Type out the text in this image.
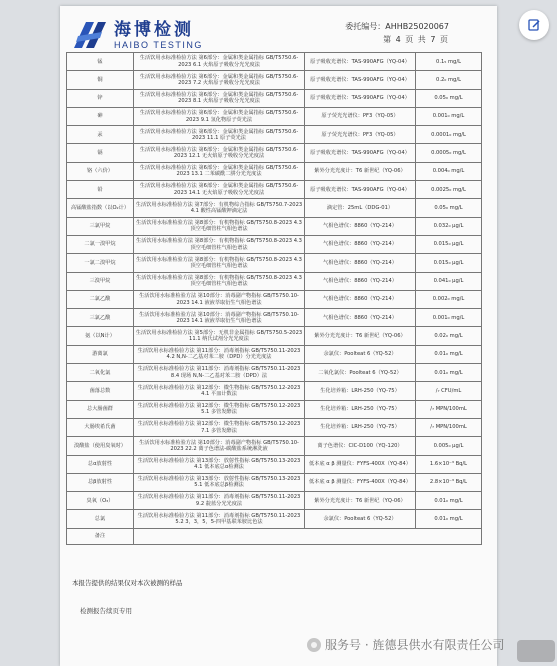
海博检测
HAIBO TESTING
委托编号：AHHB25020067
第 4 页 共 7 页
锰	生活饮用水标准检验方法 第6部分：金属和类金属指标 GB/T5750.6-2023 6.1 火焰原子吸收分光光度法	原子吸收光谱仪：TAS-990AFG（YQ-04）	0.1₅ mg/L
铜	生活饮用水标准检验方法 第6部分：金属和类金属指标 GB/T5750.6-2023 7.2 火焰原子吸收分光光度法	原子吸收光谱仪：TAS-990AFG（YQ-04）	0.2₀ mg/L
锌	生活饮用水标准检验方法 第6部分：金属和类金属指标 GB/T5750.6-2023 8.1 火焰原子吸收分光光度法	原子吸收光谱仪：TAS-990AFG（YQ-04）	0.05₀ mg/L
砷	生活饮用水标准检验方法 第6部分：金属和类金属指标 GB/T5750.6-2023 9.1 氢化物原子荧光法	原子荧光光谱仪：PF3（YQ-05）	0.001₀ mg/L
汞	生活饮用水标准检验方法 第6部分：金属和类金属指标 GB/T5750.6-2023 11.1 原子荧光法	原子荧光光谱仪：PF3（YQ-05）	0.0001₀ mg/L
镉	生活饮用水标准检验方法 第6部分：金属和类金属指标 GB/T5750.6-2023 12.1 无火焰原子吸收分光光度法	原子吸收光谱仪：TAS-990AFG（YQ-04）	0.0005₀ mg/L
铬（六价）	生活饮用水标准检验方法 第6部分：金属和类金属指标 GB/T5750.6-2023 13.1 二苯碳酰二肼分光光度法	紫外分光光度计：T6 新世纪（YQ-06）	0.004₀ mg/L
铅	生活饮用水标准检验方法 第6部分：金属和类金属指标 GB/T5750.6-2023 14.1 无火焰原子吸收分光光度法	原子吸收光谱仪：TAS-990AFG（YQ-04）	0.0025₀ mg/L
高锰酸盐指数（以O₂计）	生活饮用水标准检验方法 第7部分：有机物综合指标 GB/T5750.7-2023 4.1 酸性高锰酸钾滴定法	滴定管：25mL（DDG-01）	0.05₀ mg/L
三氯甲烷	生活饮用水标准检验方法 第8部分：有机物指标 GB/T5750.8-2023 4.3 顶空毛细管柱气相色谱法	气相色谱仪：8860（YQ-214）	0.032₀ μg/L
二氯一溴甲烷	生活饮用水标准检验方法 第8部分：有机物指标 GB/T5750.8-2023 4.3 顶空毛细管柱气相色谱法	气相色谱仪：8860（YQ-214）	0.015₀ μg/L
一氯二溴甲烷	生活饮用水标准检验方法 第8部分：有机物指标 GB/T5750.8-2023 4.3 顶空毛细管柱气相色谱法	气相色谱仪：8860（YQ-214）	0.015₀ μg/L
三溴甲烷	生活饮用水标准检验方法 第8部分：有机物指标 GB/T5750.8-2023 4.3 顶空毛细管柱气相色谱法	气相色谱仪：8860（YQ-214）	0.041₀ μg/L
二氯乙酸	生活饮用水标准检验方法 第10部分：消毒副产物指标 GB/T5750.10-2023 14.1 液液萃取衍生气相色谱法	气相色谱仪：8860（YQ-214）	0.002₀ mg/L
三氯乙酸	生活饮用水标准检验方法 第10部分：消毒副产物指标 GB/T5750.10-2023 14.1 液液萃取衍生气相色谱法	气相色谱仪：8860（YQ-214）	0.001₀ mg/L
氨（以N计）	生活饮用水标准检验方法 第5部分：无机非金属指标 GB/T5750.5-2023 11.1 纳氏试剂分光光度法	紫外分光光度计：T6 新世纪（YQ-06）	0.02₀ mg/L
游离氯	生活饮用水标准检验方法 第11部分：消毒剂指标 GB/T5750.11-2023 4.2 N,N-二乙基对苯二胺（DPD）分光光度法	余氯仪：Poolteat 6（YQ-52）	0.01₀ mg/L
二氧化氯	生活饮用水标准检验方法 第11部分：消毒剂指标 GB/T5750.11-2023 8.4 现场 N,N-二乙基对苯二胺（DPD）法	二氧化氯仪：Poolteat 6（YQ-52）	0.01₀ mg/L
菌落总数	生活饮用水标准检验方法 第12部分：微生物指标 GB/T5750.12-2023 4.1 平皿计数法	生化培养箱：LRH-250（YQ-75）	/₇ CFU/mL
总大肠菌群	生活饮用水标准检验方法 第12部分：微生物指标 GB/T5750.12-2023 5.1 多管发酵法	生化培养箱：LRH-250（YQ-75）	/₇ MPN/100mL
大肠埃希氏菌	生活饮用水标准检验方法 第12部分：微生物指标 GB/T5750.12-2023 7.1 多管发酵法	生化培养箱：LRH-250（YQ-75）	/₇ MPN/100mL
溴酸盐（使用臭氧时）	生活饮用水标准检验方法 第10部分：消毒副产物指标 GB/T5750.10-2023 22.2 离子色谱法-碳酸盐系统淋洗液	离子色谱仪：CIC-D100（YQ-120）	0.005₀ μg/L
总α放射性	生活饮用水标准检验方法 第13部分：放射性指标 GB/T5750.13-2023 4.1 低本底总α检测法	低本底 α β 测量仪：FYFS-400X（YQ-84）	1.6×10⁻³ Bq/L
总β放射性	生活饮用水标准检验方法 第13部分：放射性指标 GB/T5750.13-2023 5.1 低本底总β检测法	低本底 α β 测量仪：FYFS-400X（YQ-84）	2.8×10⁻³ Bq/L
臭氧（O₃）	生活饮用水标准检验方法 第11部分：消毒剂指标 GB/T5750.11-2023 9.2 靛蓝分光光度法	紫外分光光度计：T6 新世纪（YQ-06）	0.01₀ mg/L
总氯	生活饮用水标准检验方法 第11部分：消毒剂指标 GB/T5750.11-2023 5.2 3，3，5，5-四甲基联苯胺比色法	余氯仪：Poolteat 6（YQ-52）	0.01₀ mg/L
备注			
本报告提供的结果仅对本次被测的样品
检测报告续页专用
服务号 · 旌德县供水有限责任公司
